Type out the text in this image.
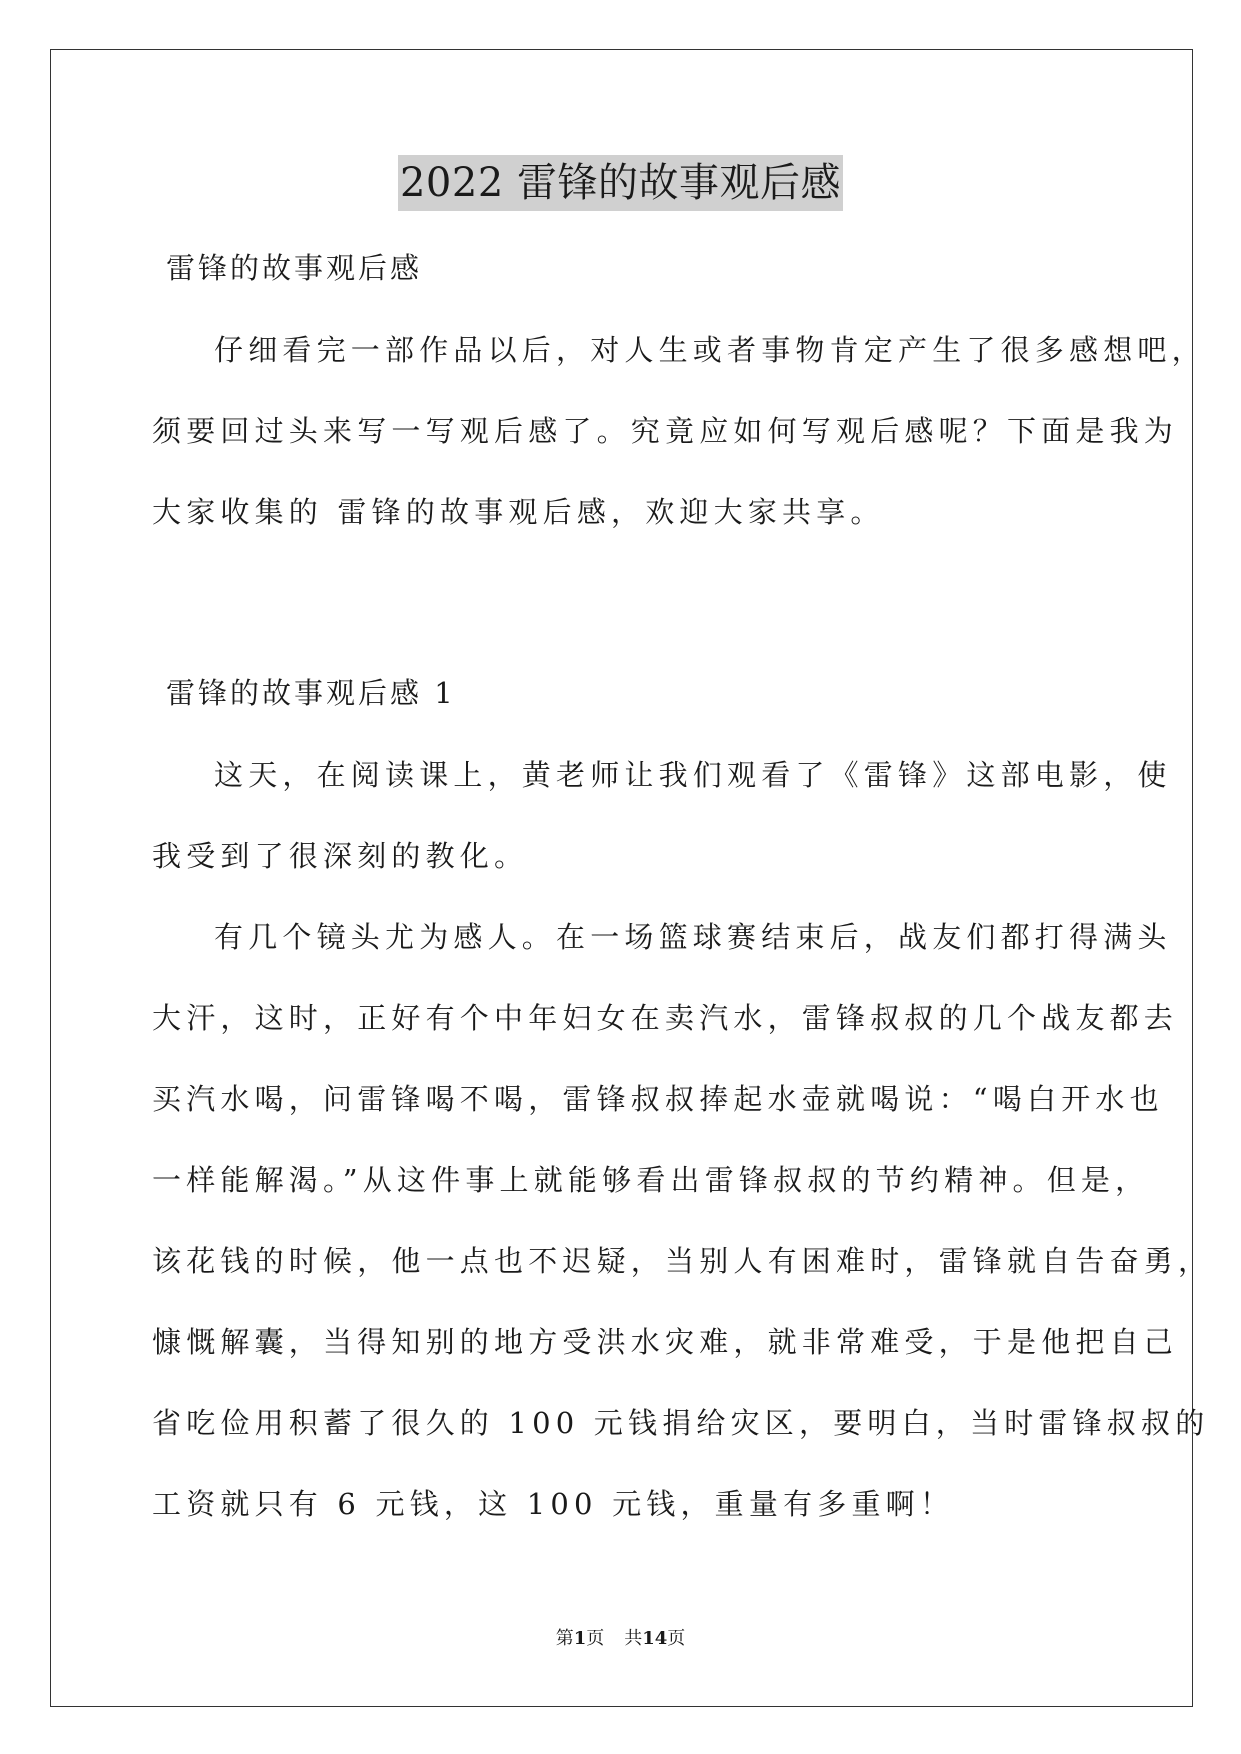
2022 雷锋的故事观后感
雷锋的故事观后感
仔细看完一部作品以后，对人生或者事物肯定产生了很多感想吧，
须要回过头来写一写观后感了。究竟应如何写观后感呢？下面是我为
大家收集的 雷锋的故事观后感，欢迎大家共享。
雷锋的故事观后感 1
这天，在阅读课上，黄老师让我们观看了《雷锋》这部电影，使
我受到了很深刻的教化。
有几个镜头尤为感人。在一场篮球赛结束后，战友们都打得满头
大汗，这时，正好有个中年妇女在卖汽水，雷锋叔叔的几个战友都去
买汽水喝，问雷锋喝不喝，雷锋叔叔捧起水壶就喝说：“喝白开水也
一样能解渴。”从这件事上就能够看出雷锋叔叔的节约精神。但是，
该花钱的时候，他一点也不迟疑，当别人有困难时，雷锋就自告奋勇，
慷慨解囊，当得知别的地方受洪水灾难，就非常难受，于是他把自己
省吃俭用积蓄了很久的 100 元钱捐给灾区，要明白，当时雷锋叔叔的
工资就只有 6 元钱，这 100 元钱，重量有多重啊！
第1页 共14页
